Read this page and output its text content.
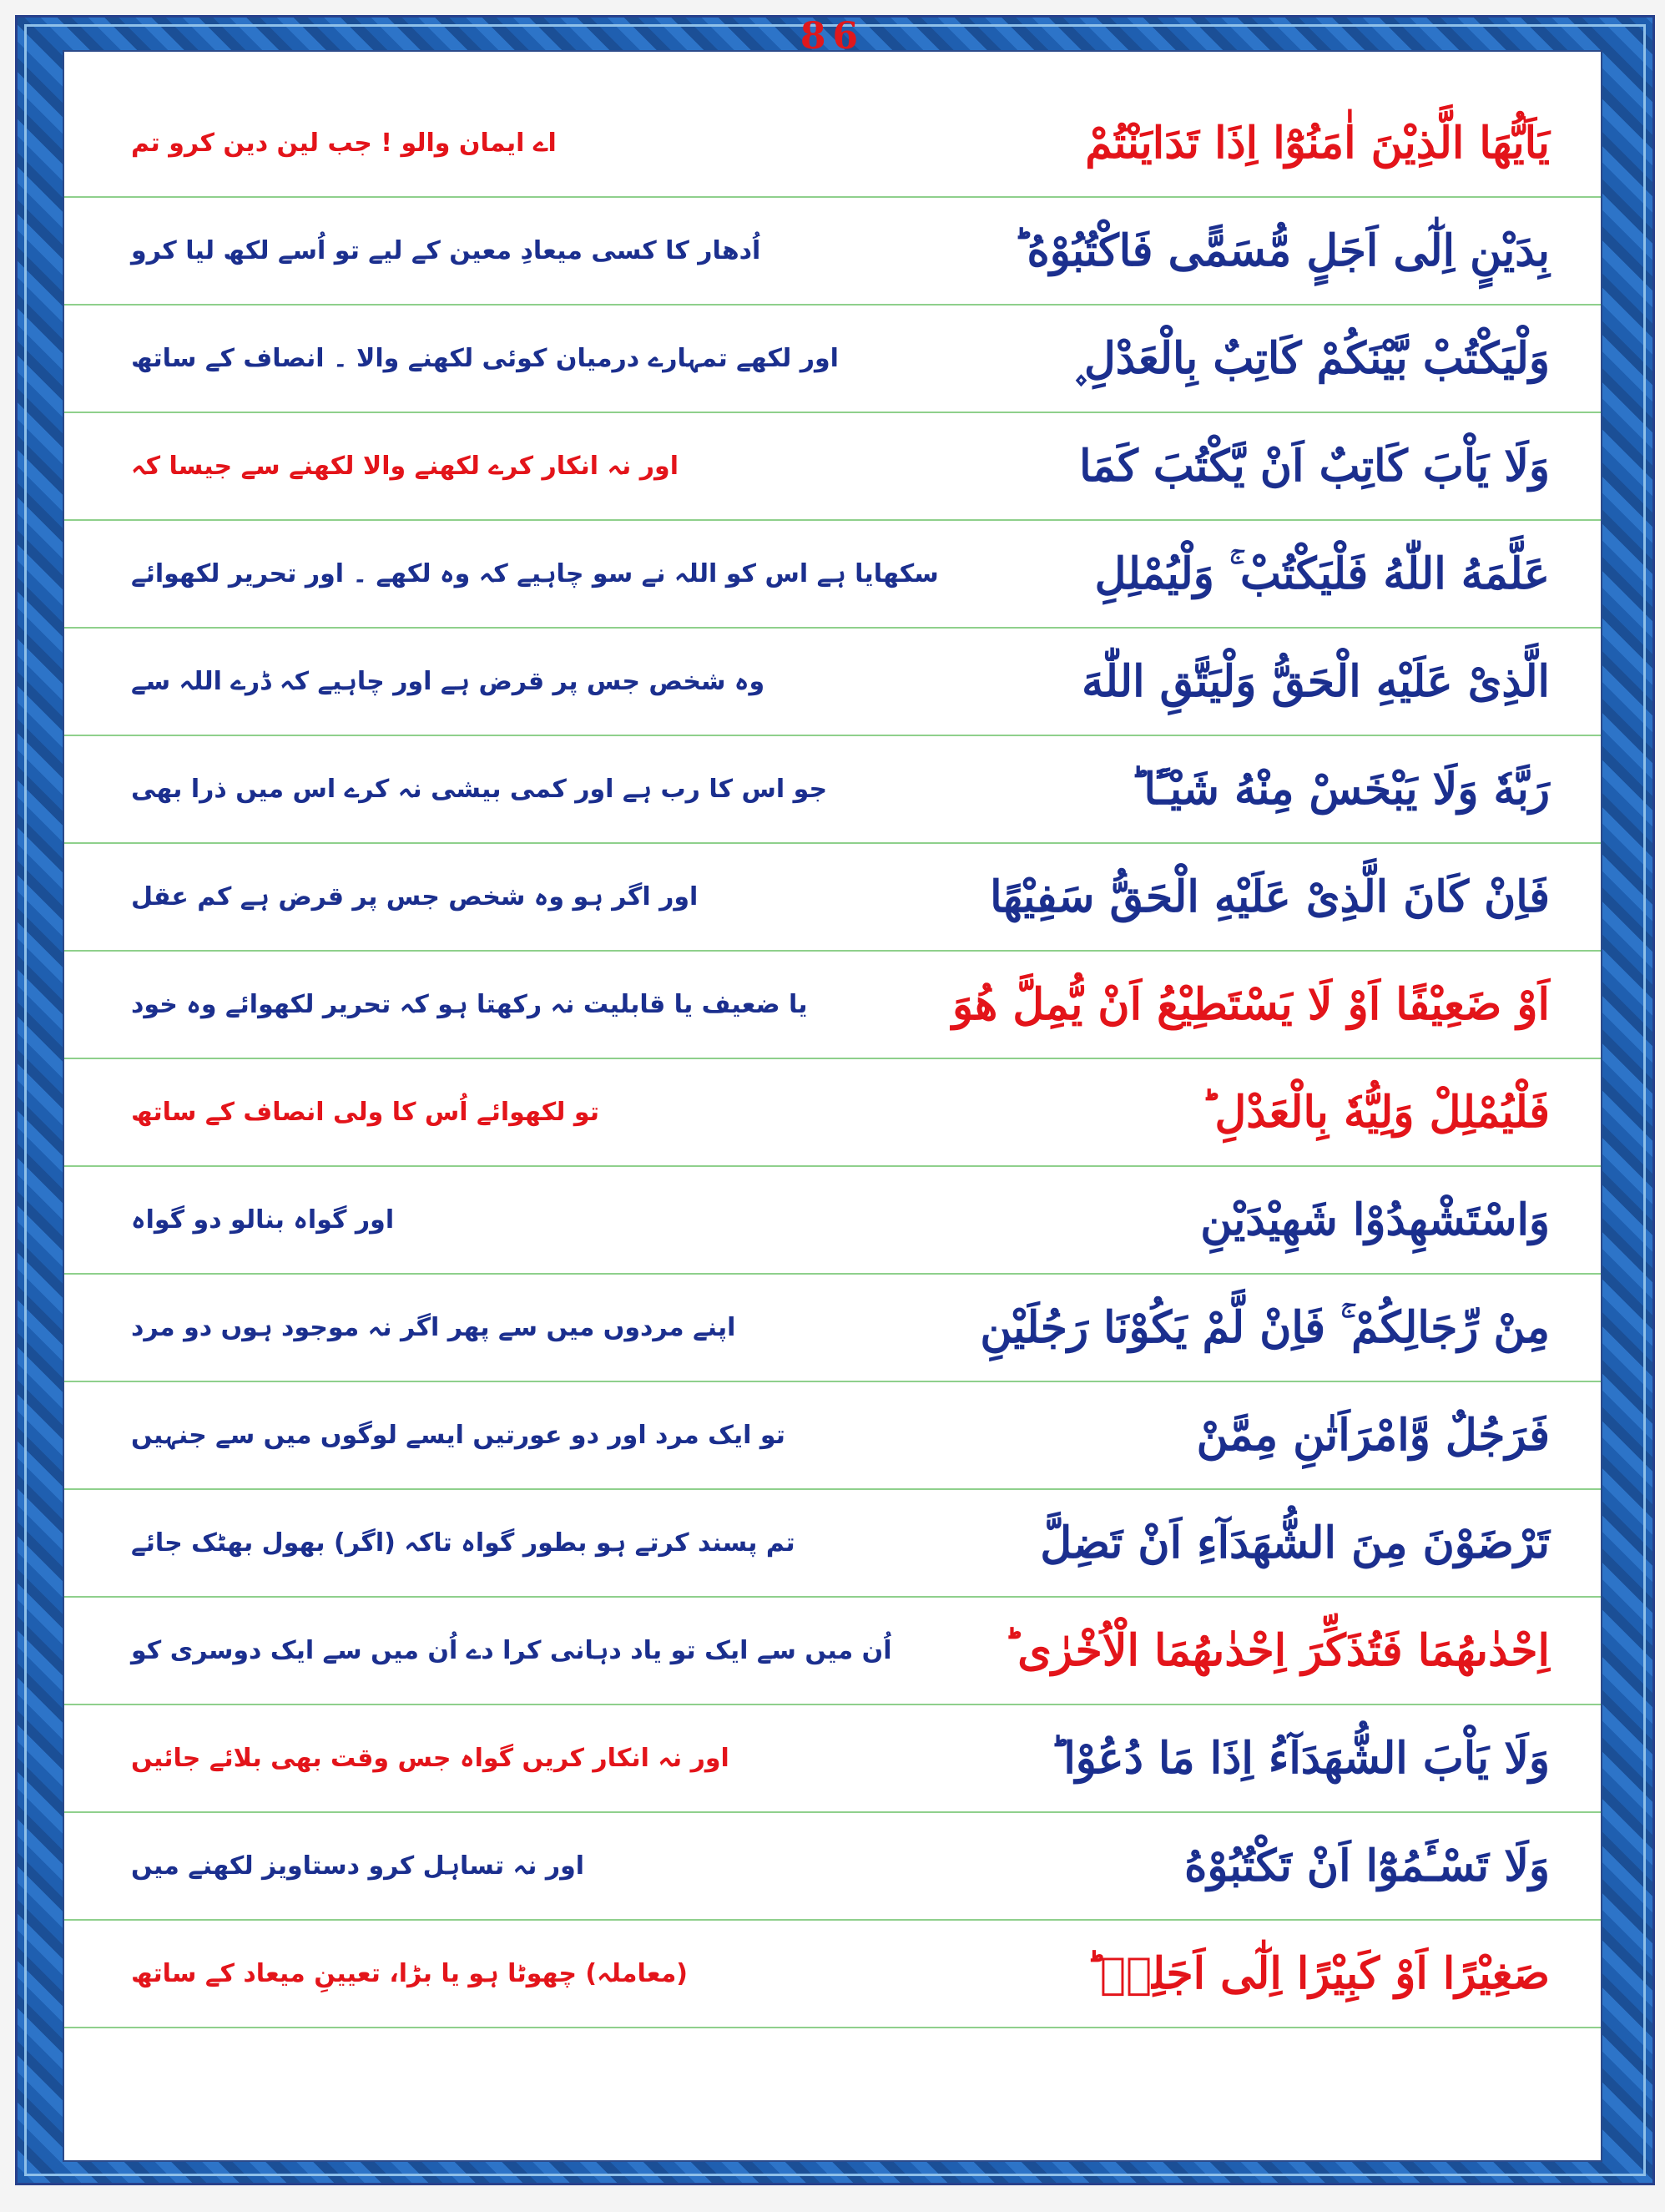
86
اے ایمان والو ! جب لین دین کرو تم	يَاَيُّهَا الَّذِيْنَ اٰمَنُوْٓا اِذَا تَدَايَنْتُمْ
اُدھار کا کسی میعادِ معین کے لیے تو اُسے لکھ لیا کرو	بِدَيْنٍ اِلٰٓى اَجَلٍ مُّسَمًّى فَاكْتُبُوْهُ ؕ
اور لکھے تمہارے درمیان کوئی لکھنے والا ۔ انصاف کے ساتھ	وَلْيَكْتُبْ بَّيْنَكُمْ كَاتِبٌ بِالْعَدْلِ ۪
اور نہ انکار کرے لکھنے والا لکھنے سے جیسا کہ	وَلَا يَاْبَ كَاتِبٌ اَنْ يَّكْتُبَ كَمَا
سکھایا ہے اس کو اللہ نے سو چاہیے کہ وہ لکھے ۔ اور تحریر لکھوائے	عَلَّمَهُ اللّٰهُ فَلْيَكْتُبْ ۚ وَلْيُمْلِلِ
وہ شخص جس پر قرض ہے اور چاہیے کہ ڈرے اللہ سے	الَّذِیْ عَلَيْهِ الْحَقُّ وَلْيَتَّقِ اللّٰهَ
جو اس کا رب ہے اور کمی بیشی نہ کرے اس میں ذرا بھی	رَبَّهٗ وَلَا يَبْخَسْ مِنْهُ شَيْـًٔا ؕ
اور اگر ہو وہ شخص جس پر قرض ہے کم عقل	فَاِنْ كَانَ الَّذِیْ عَلَيْهِ الْحَقُّ سَفِيْهًا
یا ضعیف یا قابلیت نہ رکھتا ہو کہ تحریر لکھوائے وہ خود	اَوْ ضَعِيْفًا اَوْ لَا يَسْتَطِيْعُ اَنْ يُّمِلَّ هُوَ
تو لکھوائے اُس کا ولی انصاف کے ساتھ	فَلْيُمْلِلْ وَلِيُّهٗ بِالْعَدْلِ ؕ
اور گواہ بنالو دو گواہ	وَاسْتَشْهِدُوْا شَهِيْدَيْنِ
اپنے مردوں میں سے پھر اگر نہ موجود ہوں دو مرد	مِنْ رِّجَالِكُمْ ۚ فَاِنْ لَّمْ يَكُوْنَا رَجُلَيْنِ
تو ایک مرد اور دو عورتیں ایسے لوگوں میں سے جنہیں	فَرَجُلٌ وَّامْرَاَتٰنِ مِمَّنْ
تم پسند کرتے ہو بطور گواہ تاکہ (اگر) بھول بھٹک جائے	تَرْضَوْنَ مِنَ الشُّهَدَآءِ اَنْ تَضِلَّ
اُن میں سے ایک تو یاد دہانی کرا دے اُن میں سے ایک دوسری کو	اِحْدٰىهُمَا فَتُذَكِّرَ اِحْدٰىهُمَا الْاُخْرٰى ؕ
اور نہ انکار کریں گواہ جس وقت بھی بلائے جائیں	وَلَا يَاْبَ الشُّهَدَآءُ اِذَا مَا دُعُوْا ؕ
اور نہ تساہل کرو دستاویز لکھنے میں	وَلَا تَسْـَٔمُوْٓا اَنْ تَكْتُبُوْهُ
(معاملہ) چھوٹا ہو یا بڑا، تعیینِ میعاد کے ساتھ	صَغِيْرًا اَوْ كَبِيْرًا اِلٰٓى اَجَلِهٖ ؕ
